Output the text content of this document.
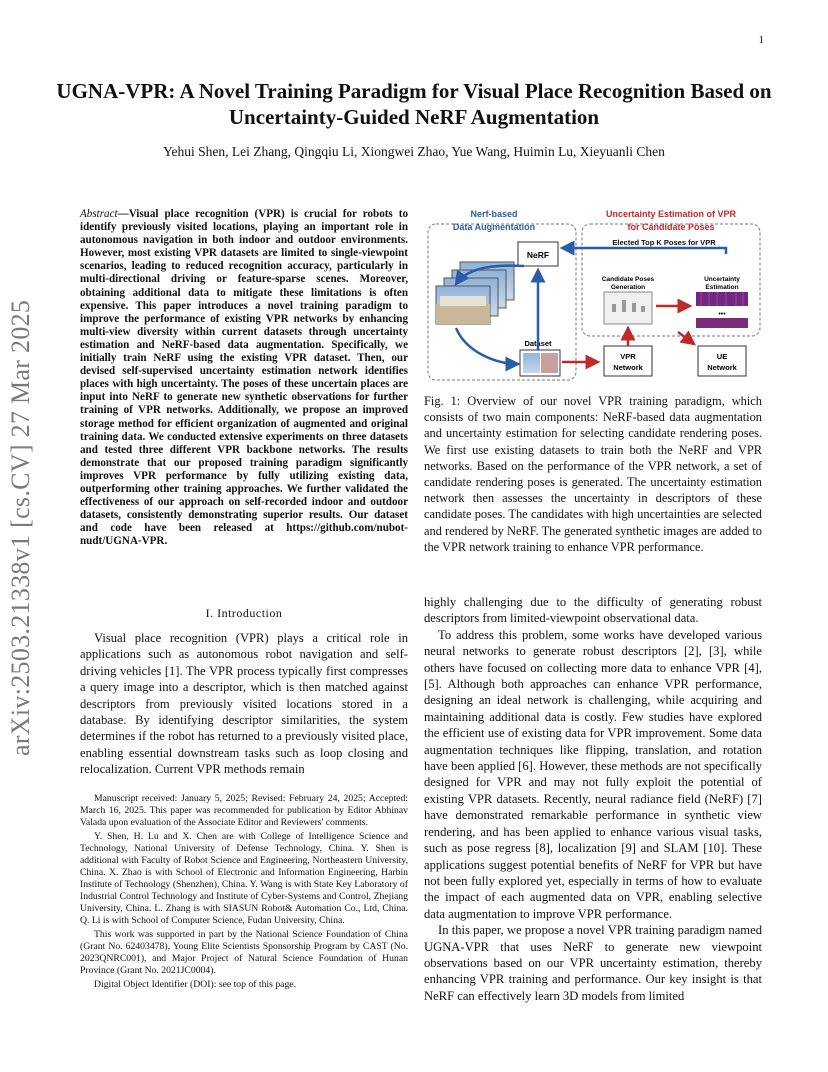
1
UGNA-VPR: A Novel Training Paradigm for Visual Place Recognition Based on Uncertainty-Guided NeRF Augmentation
Yehui Shen, Lei Zhang, Qingqiu Li, Xiongwei Zhao, Yue Wang, Huimin Lu, Xieyuanli Chen
arXiv:2503.21338v1 [cs.CV] 27 Mar 2025
Abstract—Visual place recognition (VPR) is crucial for robots to identify previously visited locations, playing an important role in autonomous navigation in both indoor and outdoor environments. However, most existing VPR datasets are limited to single-viewpoint scenarios, leading to reduced recognition accuracy, particularly in multi-directional driving or feature-sparse scenes. Moreover, obtaining additional data to mitigate these limitations is often expensive. This paper introduces a novel training paradigm to improve the performance of existing VPR networks by enhancing multi-view diversity within current datasets through uncertainty estimation and NeRF-based data augmentation. Specifically, we initially train NeRF using the existing VPR dataset. Then, our devised self-supervised uncertainty estimation network identifies places with high uncertainty. The poses of these uncertain places are input into NeRF to generate new synthetic observations for further training of VPR networks. Additionally, we propose an improved storage method for efficient organization of augmented and original training data. We conducted extensive experiments on three datasets and tested three different VPR backbone networks. The results demonstrate that our proposed training paradigm significantly improves VPR performance by fully utilizing existing data, outperforming other training approaches. We further validated the effectiveness of our approach on self-recorded indoor and outdoor datasets, consistently demonstrating superior results. Our dataset and code have been released at https://github.com/nubot-nudt/UGNA-VPR.
Nerf-based
Data Augmentation
Uncertainty Estimation of VPR
for Candidate Poses
Elected Top K Poses for VPR
NeRF
Dataset
Candidate Poses
Generation
Uncertainty
Estimation
•••
VPR
Network
UE
Network
Fig. 1: Overview of our novel VPR training paradigm, which consists of two main components: NeRF-based data augmentation and uncertainty estimation for selecting candidate rendering poses. We first use existing datasets to train both the NeRF and VPR networks. Based on the performance of the VPR network, a set of candidate rendering poses is generated. The uncertainty estimation network then assesses the uncertainty in descriptors of these candidate poses. The candidates with high uncertainties are selected and rendered by NeRF. The generated synthetic images are added to the VPR network training to enhance VPR performance.
I. Introduction

Visual place recognition (VPR) plays a critical role in applications such as autonomous robot navigation and self-driving vehicles [1]. The VPR process typically first compresses a query image into a descriptor, which is then matched against descriptors from previously visited locations stored in a database. By identifying descriptor similarities, the system determines if the robot has returned to a previously visited place, enabling essential downstream tasks such as loop closing and relocalization. Current VPR methods remain

Manuscript received: January 5, 2025; Revised: February 24, 2025; Accepted: March 16, 2025. This paper was recommended for publication by Editor Abhinav Valada upon evaluation of the Associate Editor and Reviewers' comments.

Y. Shen, H. Lu and X. Chen are with College of Intelligence Science and Technology, National University of Defense Technology, China. Y. Shen is additional with Faculty of Robot Science and Engineering, Northeastern University, China. X. Zhao is with School of Electronic and Information Engineering, Harbin Institute of Technology (Shenzhen), China. Y. Wang is with State Key Laboratory of Industrial Control Technology and Institute of Cyber-Systems and Control, Zhejiang University, China. L. Zhang is with SIASUN Robot& Automation Co., Ltd, China. Q. Li is with School of Computer Science, Fudan University, China.

This work was supported in part by the National Science Foundation of China (Grant No. 62403478), Young Elite Scientists Sponsorship Program by CAST (No. 2023QNRC001), and Major Project of Natural Science Foundation of Hunan Province (Grant No. 2021JC0004).

Digital Object Identifier (DOI): see top of this page.

highly challenging due to the difficulty of generating robust descriptors from limited-viewpoint observational data.

To address this problem, some works have developed various neural networks to generate robust descriptors [2], [3], while others have focused on collecting more data to enhance VPR [4], [5]. Although both approaches can enhance VPR performance, designing an ideal network is challenging, while acquiring and maintaining additional data is costly. Few studies have explored the efficient use of existing data for VPR improvement. Some data augmentation techniques like flipping, translation, and rotation have been applied [6]. However, these methods are not specifically designed for VPR and may not fully exploit the potential of existing VPR datasets. Recently, neural radiance field (NeRF) [7] have demonstrated remarkable performance in synthetic view rendering, and has been applied to enhance various visual tasks, such as pose regress [8], localization [9] and SLAM [10]. These applications suggest potential benefits of NeRF for VPR but have not been fully explored yet, especially in terms of how to evaluate the impact of each augmented data on VPR, enabling selective data augmentation to improve VPR performance.

In this paper, we propose a novel VPR training paradigm named UGNA-VPR that uses NeRF to generate new viewpoint observations based on our VPR uncertainty estimation, thereby enhancing VPR training and performance. Our key insight is that NeRF can effectively learn 3D models from limited
